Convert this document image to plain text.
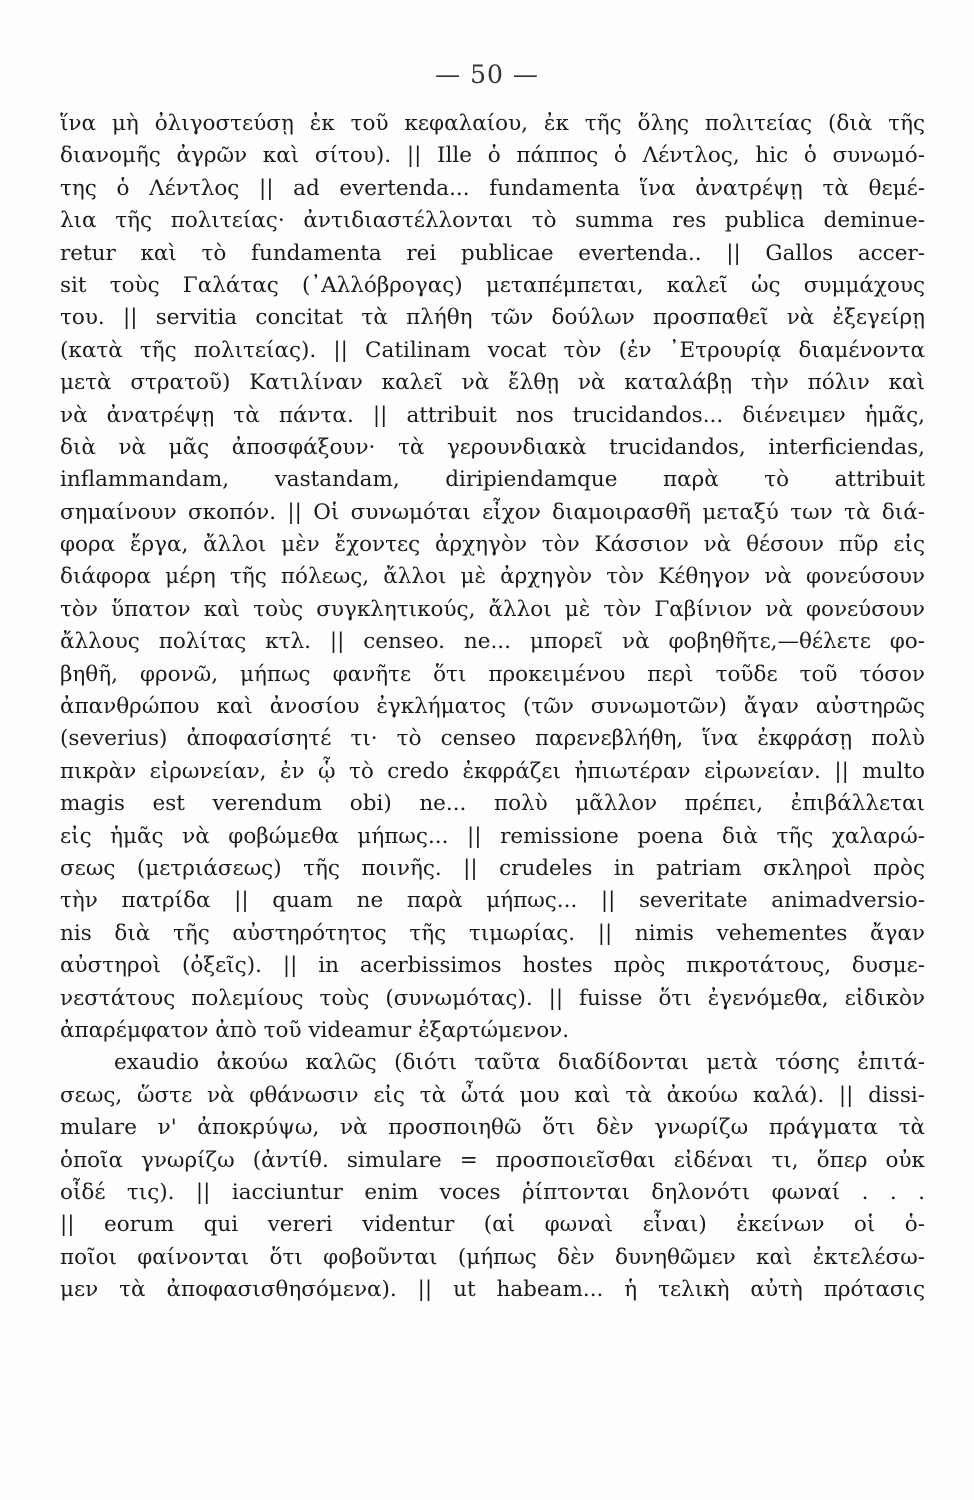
— 50 —
ἵνα μὴ ὀλιγοστεύσῃ ἐκ τοῦ κεφαλαίου, ἐκ τῆς ὅλης πολιτείας (διὰ τῆς
διανομῆς ἀγρῶν καὶ σίτου). || Ille ὁ πάππος ὁ Λέντλος, hic ὁ συνωμό-
της ὁ Λέντλος || ad evertenda... fundamenta ἵνα ἀνατρέψῃ τὰ θεμέ-
λια τῆς πολιτείας· ἀντιδιαστέλλονται τὸ summa res publica deminue-
retur καὶ τὸ fundamenta rei publicae evertenda.. || Gallos accer-
sit τοὺς Γαλάτας (᾿Αλλόβρογας) μεταπέμπεται, καλεῖ ὡς συμμάχους
του. || servitia concitat τὰ πλήθη τῶν δούλων προσπαθεῖ νὰ ἐξεγείρῃ
(κατὰ τῆς πολιτείας). || Catilinam vocat τὸν (ἐν ᾿Ετρουρίᾳ διαμένοντα
μετὰ στρατοῦ) Κατιλίναν καλεῖ νὰ ἔλθῃ νὰ καταλάβῃ τὴν πόλιν καὶ
νὰ ἀνατρέψῃ τὰ πάντα. || attribuit nos trucidandos... διένειμεν ἡμᾶς,
διὰ νὰ μᾶς ἀποσφάξουν· τὰ γερουνδιακὰ trucidandos, interficiendas,
inflammandam, vastandam, diripiendamque παρὰ τὸ attribuit
σημαίνουν σκοπόν. || Οἱ συνωμόται εἶχον διαμοιρασθῆ μεταξύ των τὰ διά-
φορα ἔργα, ἄλλοι μὲν ἔχοντες ἀρχηγὸν τὸν Κάσσιον νὰ θέσουν πῦρ εἰς
διάφορα μέρη τῆς πόλεως, ἄλλοι μὲ ἀρχηγὸν τὸν Κέθηγον νὰ φονεύσουν
τὸν ὕπατον καὶ τοὺς συγκλητικούς, ἄλλοι μὲ τὸν Γαβίνιον νὰ φονεύσουν
ἄλλους πολίτας κτλ. || censeo. ne... μπορεῖ νὰ φοβηθῆτε,—θέλετε φο-
βηθῆ, φρονῶ, μήπως φανῆτε ὅτι προκειμένου περὶ τοῦδε τοῦ τόσον
ἀπανθρώπου καὶ ἀνοσίου ἐγκλήματος (τῶν συνωμοτῶν) ἄγαν αὐστηρῶς
(severius) ἀποφασίσητέ τι· τὸ censeo παρενεβλήθη, ἵνα ἐκφράσῃ πολὺ
πικρὰν εἰρωνείαν, ἐν ᾧ τὸ credo ἐκφράζει ἠπιωτέραν εἰρωνείαν. || multo
magis est verendum obi) ne... πολὺ μᾶλλον πρέπει, ἐπιβάλλεται
εἰς ἡμᾶς νὰ φοβώμεθα μήπως... || remissione poena διὰ τῆς χαλαρώ-
σεως (μετριάσεως) τῆς ποινῆς. || crudeles in patriam σκληροὶ πρὸς
τὴν πατρίδα || quam ne παρὰ μήπως... || severitate animadversio-
nis διὰ τῆς αὐστηρότητος τῆς τιμωρίας. || nimis vehementes ἄγαν
αὐστηροὶ (ὀξεῖς). || in acerbissimos hostes πρὸς πικροτάτους, δυσμε-
νεστάτους πολεμίους τοὺς (συνωμότας). || fuisse ὅτι ἐγενόμεθα, εἰδικὸν
ἀπαρέμφατον ἀπὸ τοῦ videamur ἐξαρτώμενον.
exaudio ἀκούω καλῶς (διότι ταῦτα διαδίδονται μετὰ τόσης ἐπιτά-
σεως, ὥστε νὰ φθάνωσιν εἰς τὰ ὦτά μου καὶ τὰ ἀκούω καλά). || dissi-
mulare ν' ἀποκρύψω, νὰ προσποιηθῶ ὅτι δὲν γνωρίζω πράγματα τὰ
ὁποῖα γνωρίζω (ἀντίθ. simulare = προσποιεῖσθαι εἰδέναι τι, ὅπερ οὐκ
οἶδέ τις). || iacciuntur enim voces ῥίπτονται δηλονότι φωναί . . .
|| eorum qui vereri videntur (αἱ φωναὶ εἶναι) ἐκείνων οἱ ὁ-
ποῖοι φαίνονται ὅτι φοβοῦνται (μήπως δὲν δυνηθῶμεν καὶ ἐκτελέσω-
μεν τὰ ἀποφασισθησόμενα). || ut habeam... ἡ τελικὴ αὐτὴ πρότασις
